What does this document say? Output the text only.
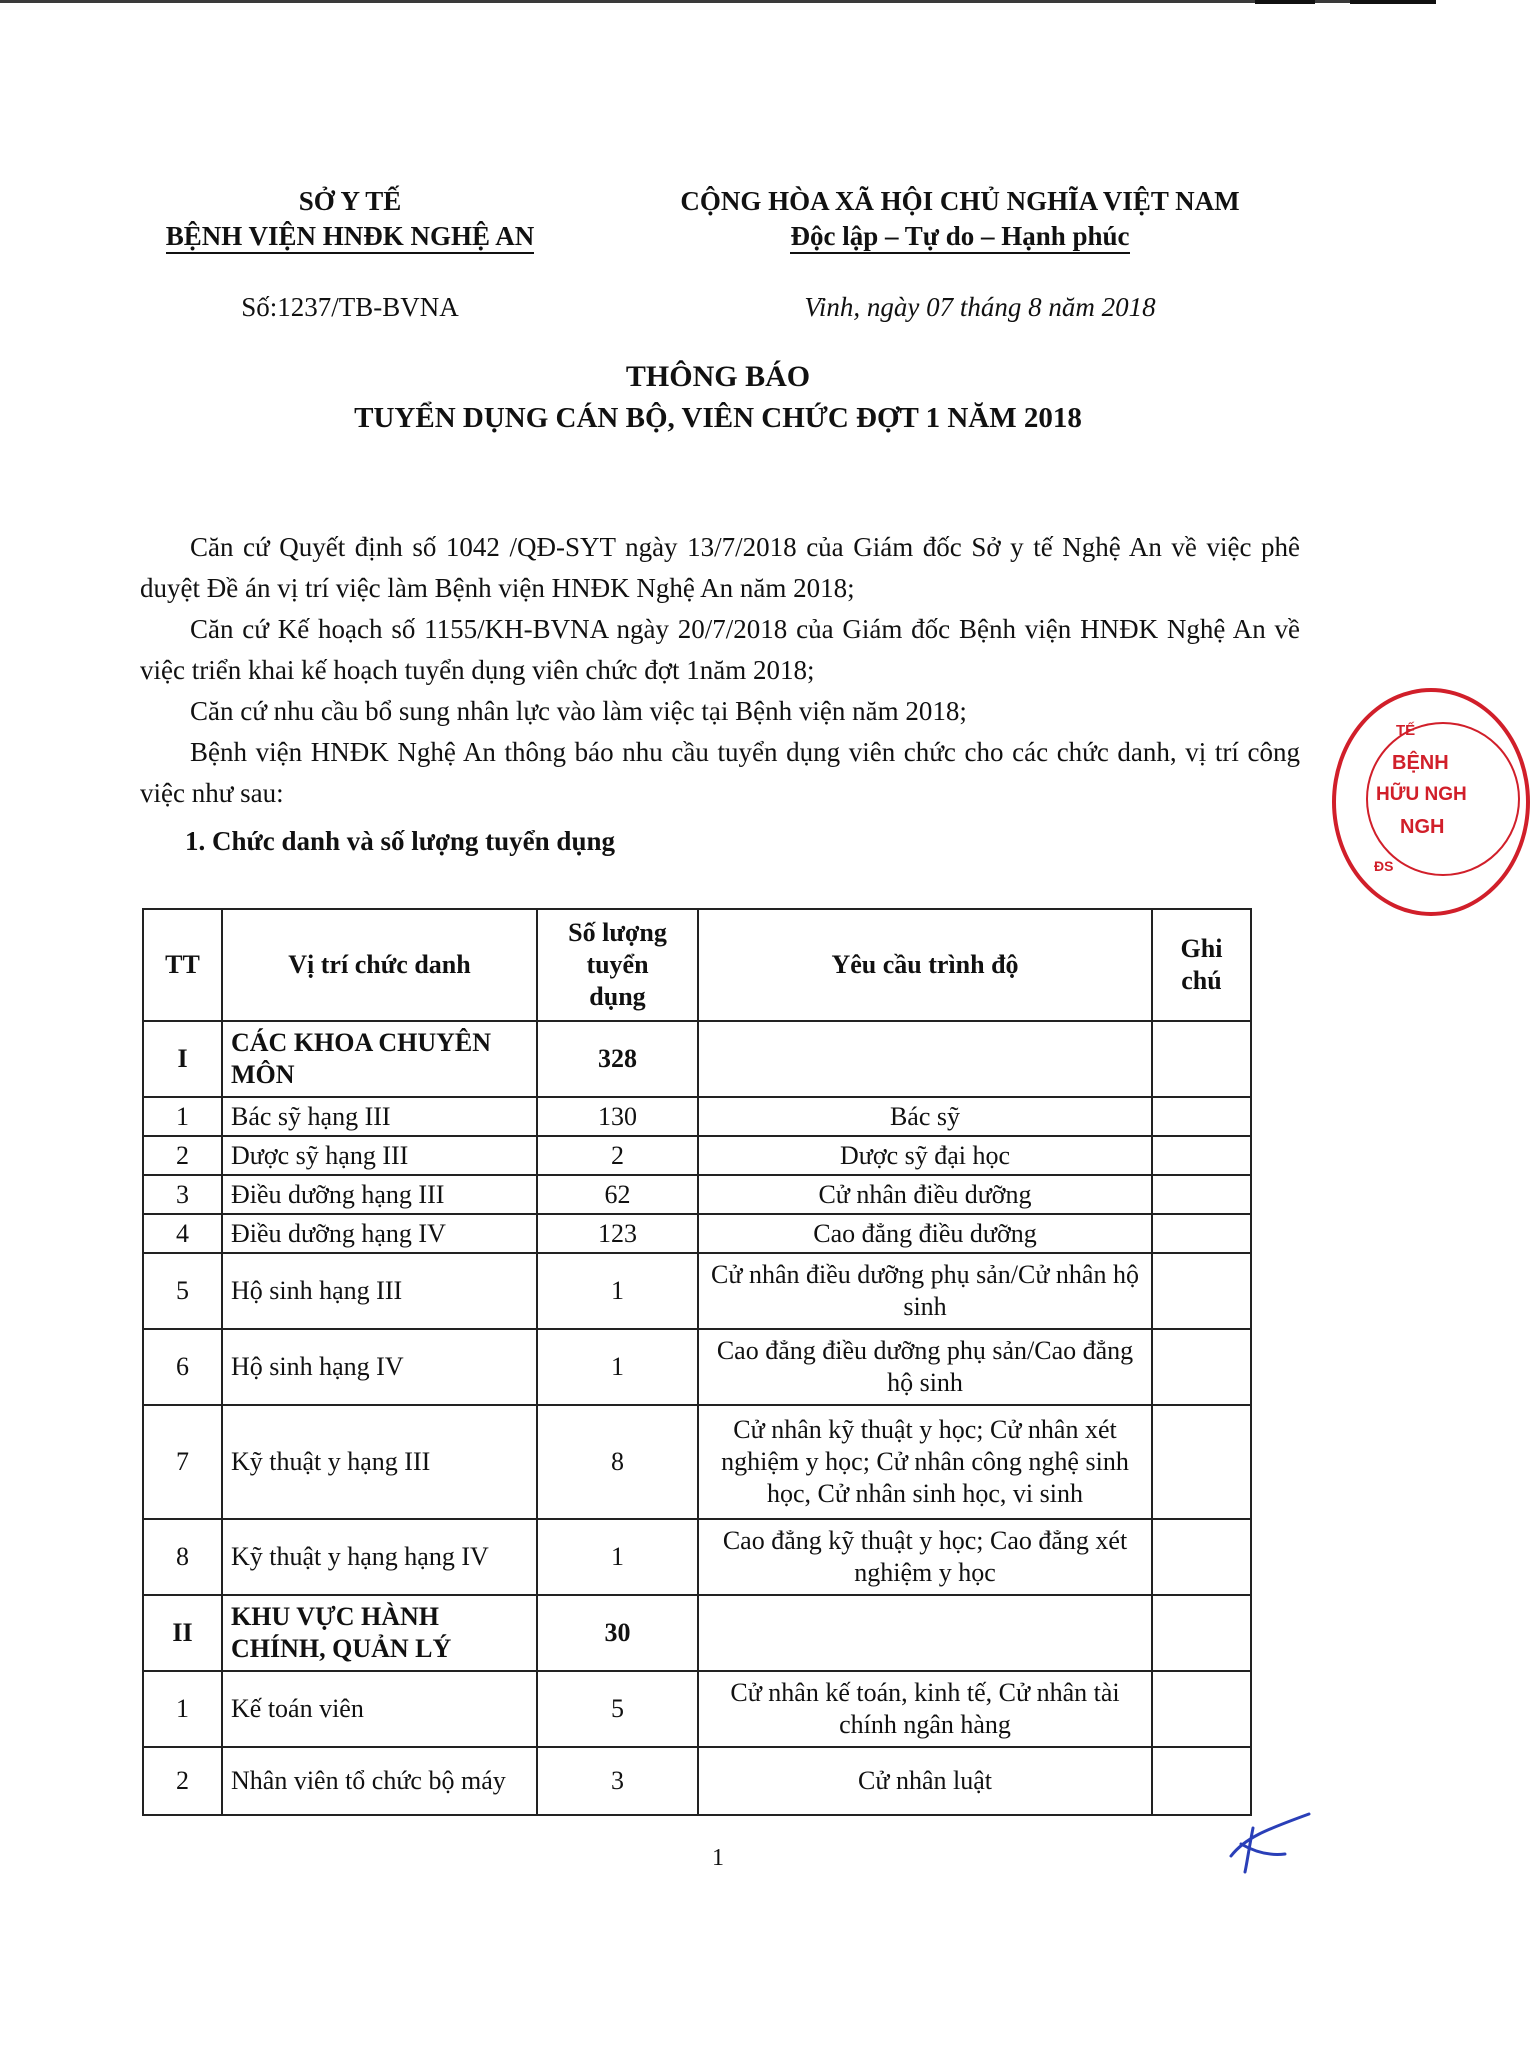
SỞ Y TẾ
BỆNH VIỆN HNĐK NGHỆ AN
Số:1237/TB-BVNA
CỘNG HÒA XÃ HỘI CHỦ NGHĨA VIỆT NAM
Độc lập – Tự do – Hạnh phúc
Vinh, ngày 07 tháng 8 năm 2018
THÔNG BÁO
TUYỂN DỤNG CÁN BỘ, VIÊN CHỨC ĐỢT 1 NĂM 2018

Căn cứ Quyết định số 1042 /QĐ-SYT ngày 13/7/2018 của Giám đốc Sở y tế Nghệ An về việc phê duyệt Đề án vị trí việc làm Bệnh viện HNĐK Nghệ An năm 2018;

Căn cứ Kế hoạch số 1155/KH-BVNA ngày 20/7/2018 của Giám đốc Bệnh viện HNĐK Nghệ An về việc triển khai kế hoạch tuyển dụng viên chức đợt 1năm 2018;

Căn cứ nhu cầu bổ sung nhân lực vào làm việc tại Bệnh viện năm 2018;

Bệnh viện HNĐK Nghệ An thông báo nhu cầu tuyển dụng viên chức cho các chức danh, vị trí công việc như sau:

1. Chức danh và số lượng tuyển dụng
TT	Vị trí chức danh	Số lượng tuyển dụng	Yêu cầu trình độ	Ghi chú
I	CÁC KHOA CHUYÊN MÔN	328		
1	Bác sỹ hạng III	130	Bác sỹ	
2	Dược sỹ hạng III	2	Dược sỹ đại học	
3	Điều dưỡng hạng III	62	Cử nhân điều dưỡng	
4	Điều dưỡng hạng IV	123	Cao đẳng điều dưỡng	
5	Hộ sinh hạng III	1	Cử nhân điều dưỡng phụ sản/Cử nhân hộ sinh	
6	Hộ sinh hạng IV	1	Cao đẳng điều dưỡng phụ sản/Cao đẳng hộ sinh	
7	Kỹ thuật y hạng III	8	Cử nhân kỹ thuật y học; Cử nhân xét nghiệm y học; Cử nhân công nghệ sinh học, Cử nhân sinh học, vi sinh	
8	Kỹ thuật y hạng hạng IV	1	Cao đẳng kỹ thuật y học; Cao đẳng xét nghiệm y học	
II	KHU VỰC HÀNH CHÍNH, QUẢN LÝ	30		
1	Kế toán viên	5	Cử nhân kế toán, kinh tế, Cử nhân tài chính ngân hàng	
2	Nhân viên tổ chức bộ máy	3	Cử nhân luật	
TẾ
BỆNH
HỮU NGH
NGH
ĐS
1
